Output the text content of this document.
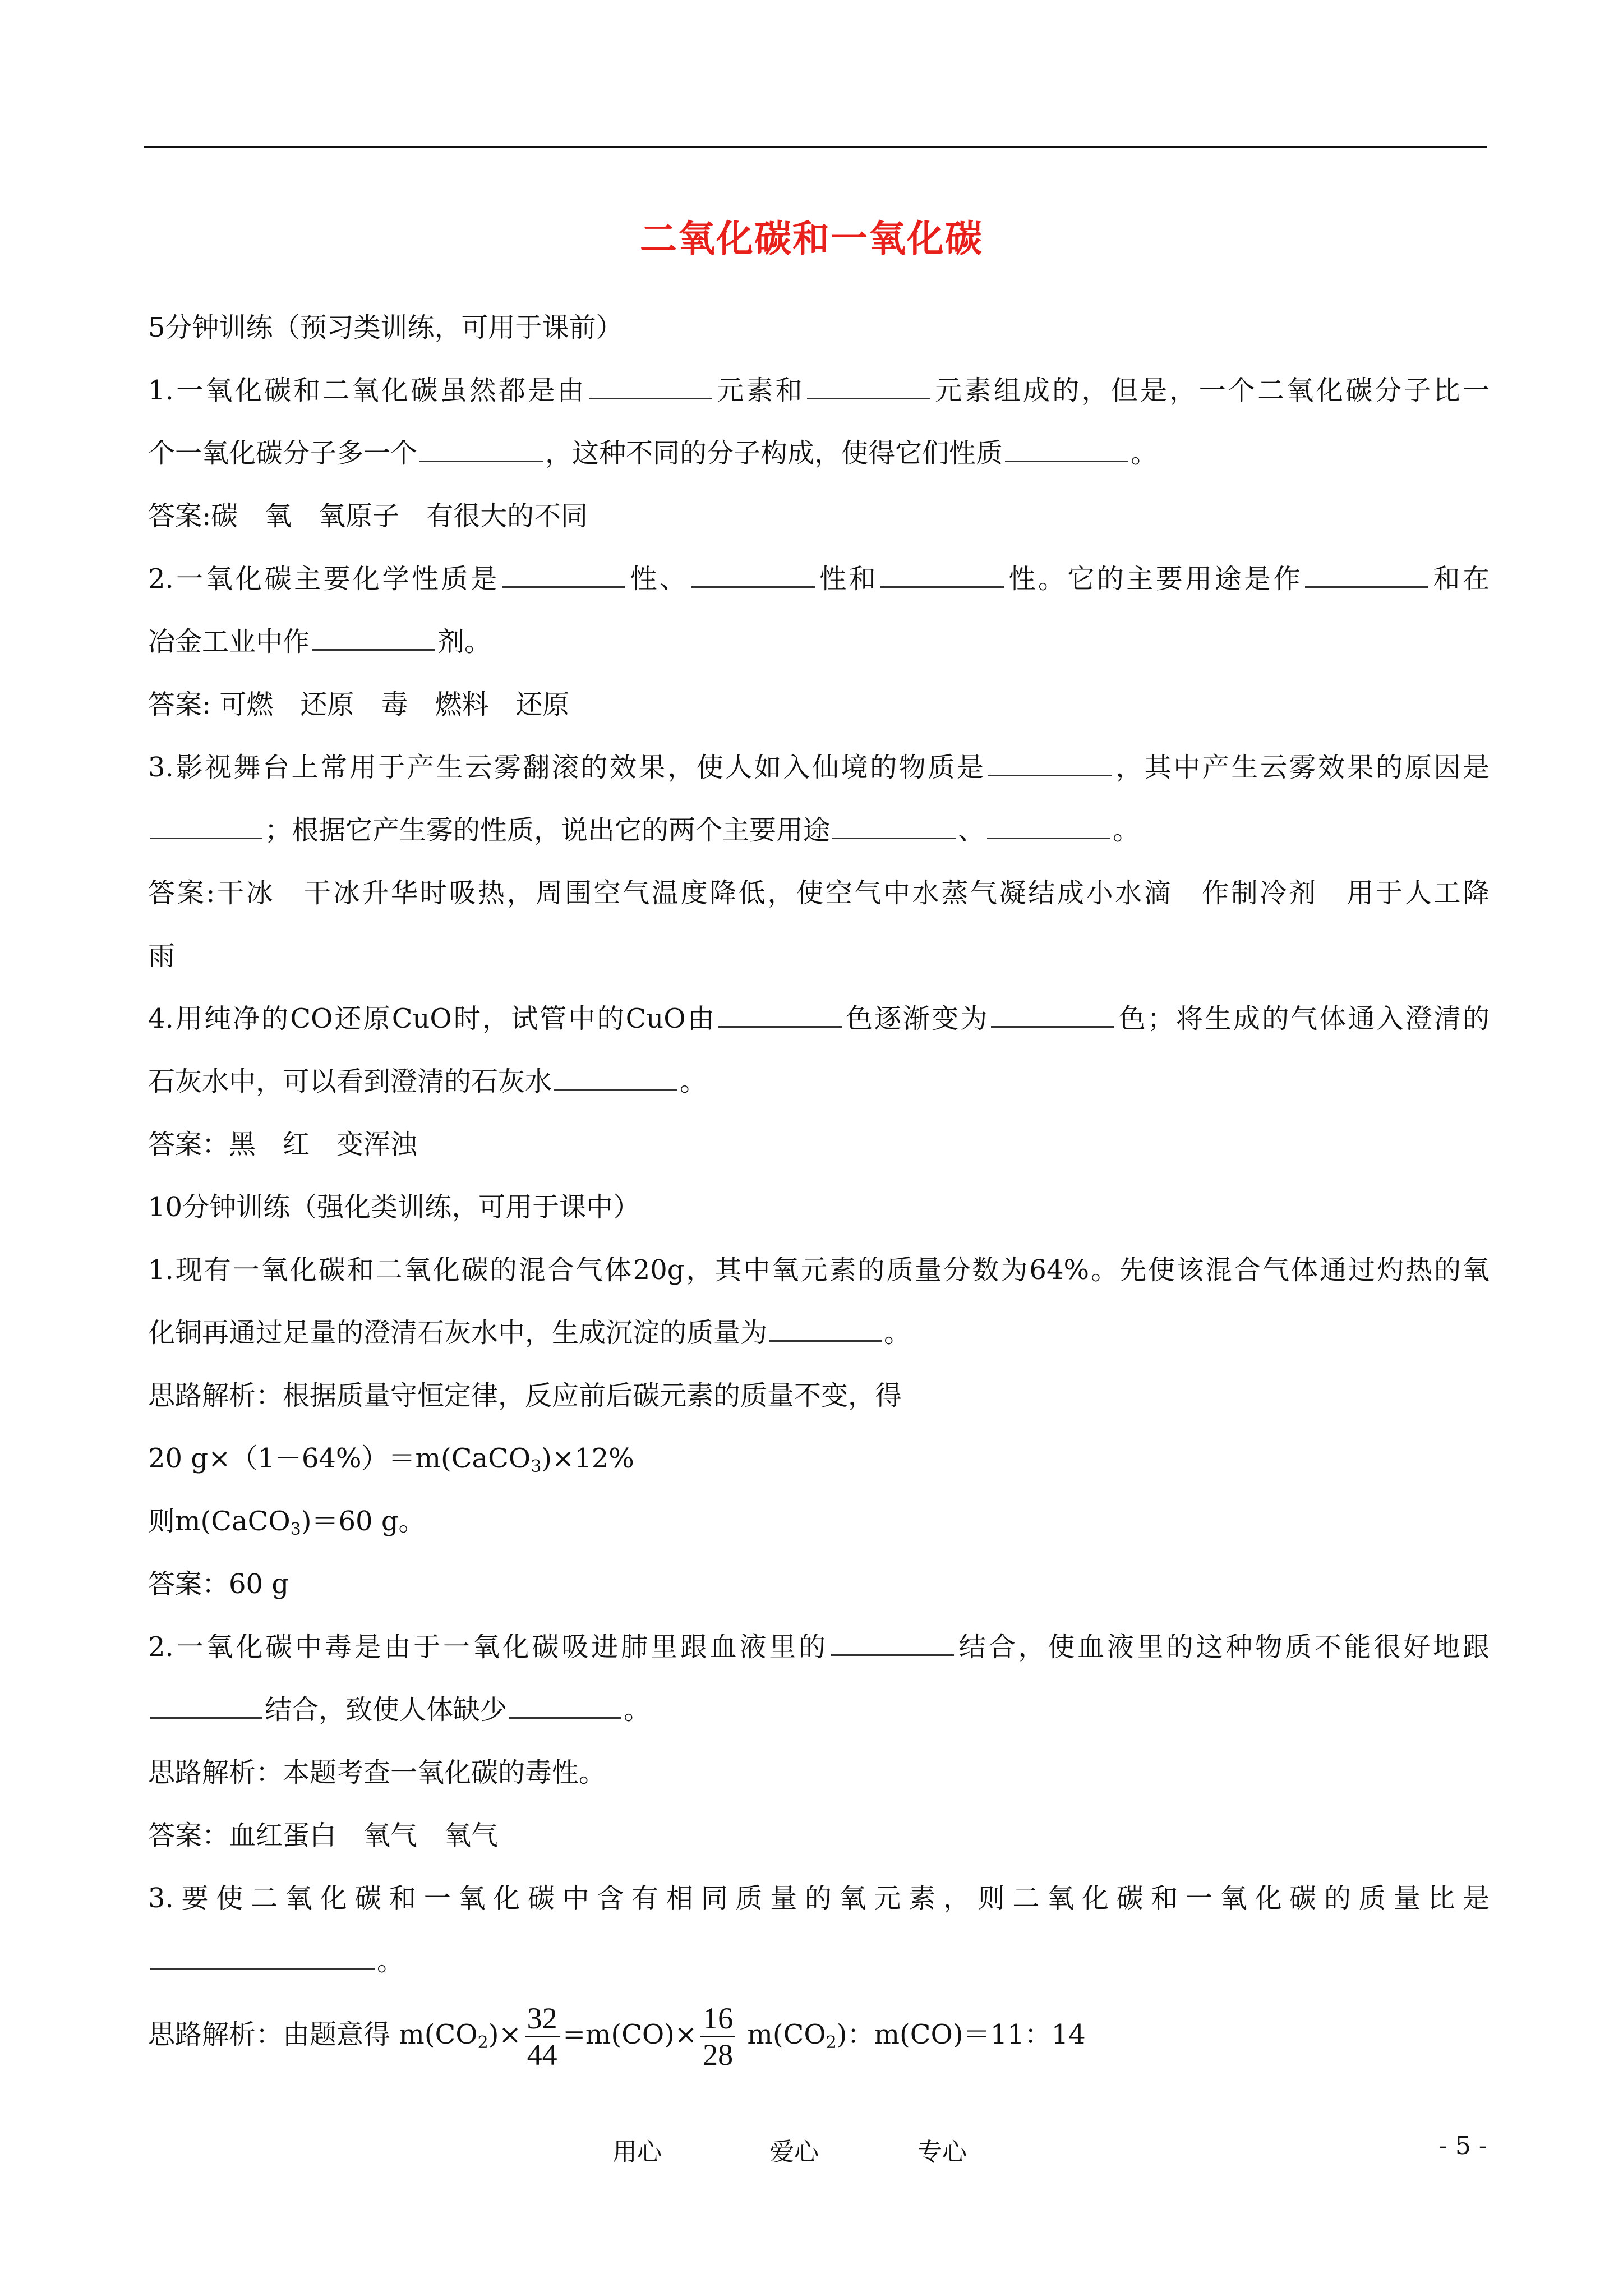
二氧化碳和一氧化碳
5分钟训练（预习类训练，可用于课前）
1.一氧化碳和二氧化碳虽然都是由	元素和	元素组成的，但是，一个二氧化碳分子比一
个一氧化碳分子多一个	，这种不同的分子构成，使得它们性质	。
答案:碳　氧　氧原子　有很大的不同
2.一氧化碳主要化学性质是	性、	性和	性。它的主要用途是作	和在
冶金工业中作	剂。
答案: 可燃　还原　毒　燃料　还原
3.影视舞台上常用于产生云雾翻滚的效果，使人如入仙境的物质是	，其中产生云雾效果的原因是
；根据它产生雾的性质，说出它的两个主要用途	、	。
答案:干冰　干冰升华时吸热，周围空气温度降低，使空气中水蒸气凝结成小水滴　作制冷剂　用于人工降
雨
4.用纯净的CO还原CuO时，试管中的CuO由	色逐渐变为	色；将生成的气体通入澄清的
石灰水中，可以看到澄清的石灰水	。
答案：黑　红　变浑浊
10分钟训练（强化类训练，可用于课中）
1.现有一氧化碳和二氧化碳的混合气体20g，其中氧元素的质量分数为64%。先使该混合气体通过灼热的氧
化铜再通过足量的澄清石灰水中，生成沉淀的质量为	。
思路解析：根据质量守恒定律，反应前后碳元素的质量不变，得
20 g×（1－64%）＝m(CaCO$_3$)×12%
则m(CaCO$_3$)＝60 g。
答案：60 g
2.一氧化碳中毒是由于一氧化碳吸进肺里跟血液里的	结合，使血液里的这种物质不能很好地跟
结合，致使人体缺少	。
思路解析：本题考查一氧化碳的毒性。
答案：血红蛋白　氧气　氧气
3.要使二氧化碳和一氧化碳中含有相同质量的氧元素，则二氧化碳和一氧化碳的质量比是
。
思路解析：由题意得 $m(CO_2)\times \frac{32}{44} =m(CO)\times \frac{16}{28} m(CO_2)$：m(CO)＝11：14
用心	爱心	专心	- 5 -
